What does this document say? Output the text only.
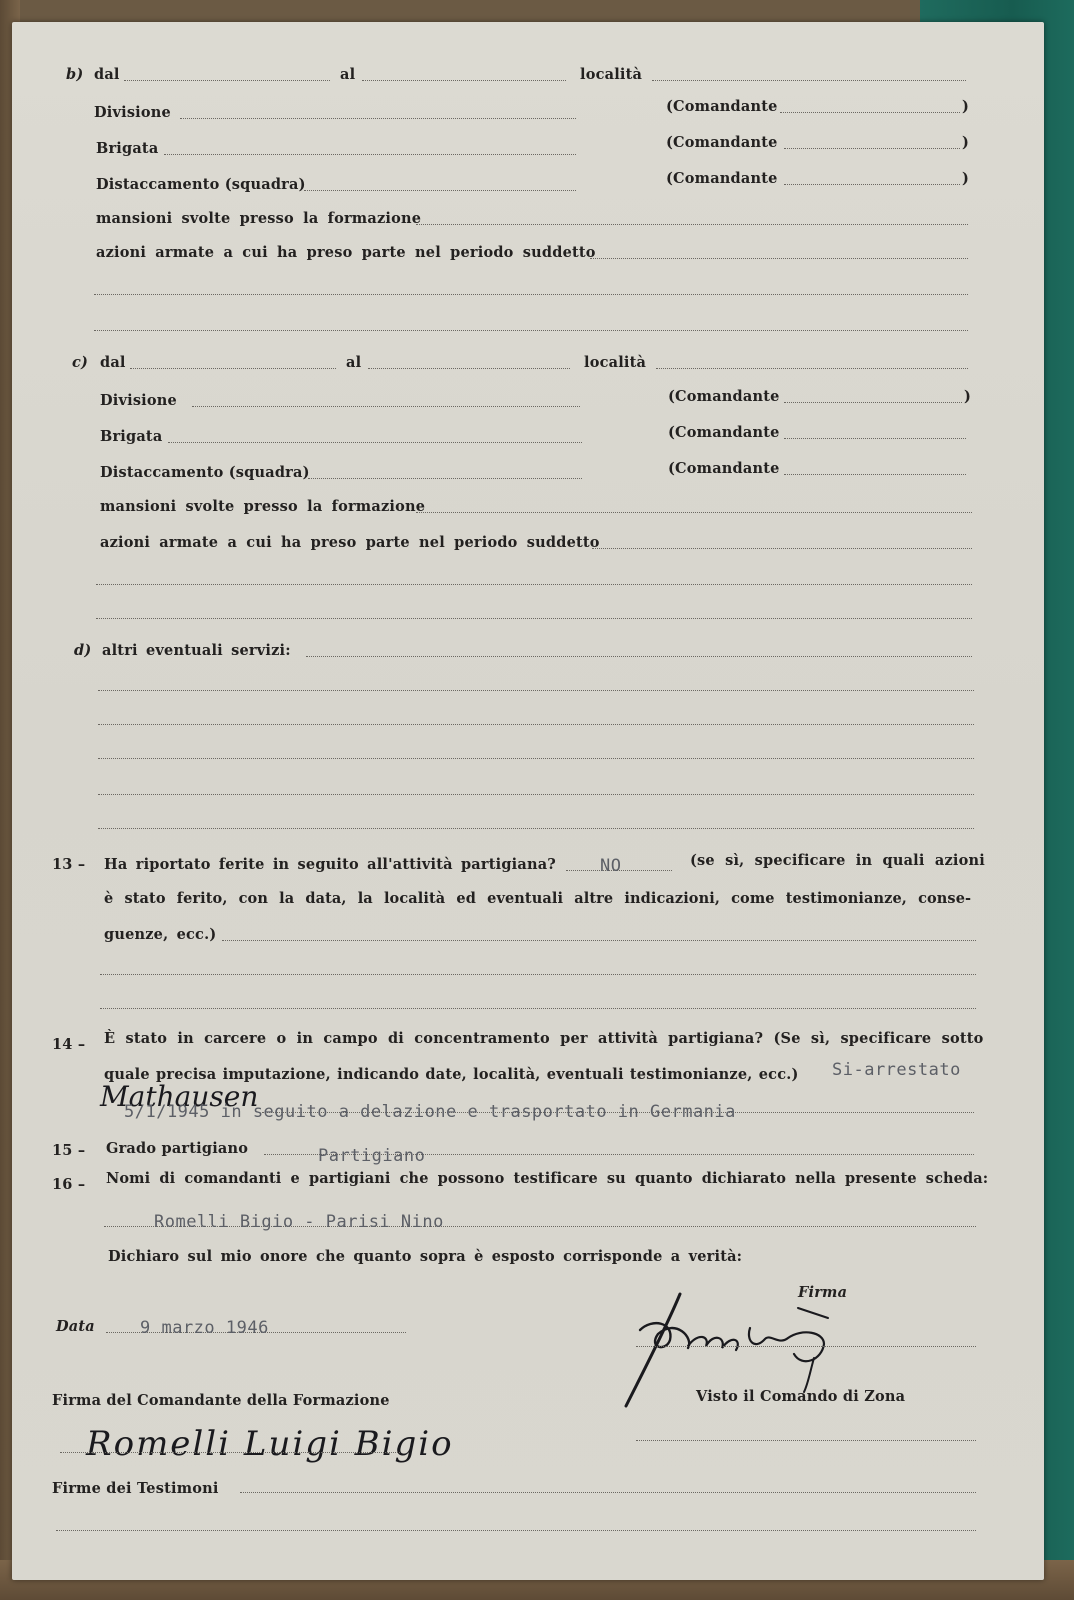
b) dal	al	località
Divisione	(Comandante	)
Brigata	(Comandante	)
Distaccamento (squadra)	(Comandante	)
mansioni svolte presso la formazione
azioni armate a cui ha preso parte nel periodo suddetto
c) dal	al	località
Divisione	(Comandante	)
Brigata	(Comandante
Distaccamento (squadra)	(Comandante
mansioni svolte presso la formazione
azioni armate a cui ha preso parte nel periodo suddetto
d) altri eventuali servizi:
13 – Ha riportato ferite in seguito all'attività partigiana?	NO	(se sì, specificare in quali azioni
è stato ferito, con la data, la località ed eventuali altre indicazioni, come testimonianze, conse-
guenze, ecc.)
14 – È stato in carcere o in campo di concentramento per attività partigiana? (Se sì, specificare sotto
quale precisa imputazione, indicando date, località, eventuali testimonianze, ecc.) Si-arrestato
Mathausen
5/1/1945 in seguito a delazione e trasportato in Germania
15 – Grado partigiano	Partigiano
16 – Nomi di comandanti e partigiani che possono testificare su quanto dichiarato nella presente scheda:
Romelli Bigio - Parisi Nino
Dichiaro sul mio onore che quanto sopra è esposto corrisponde a verità:
Firma
Data	9 marzo 1946
Firma del Comandante della Formazione	Visto il Comando di Zona
Romelli Luigi Bigio
Firme dei Testimoni
